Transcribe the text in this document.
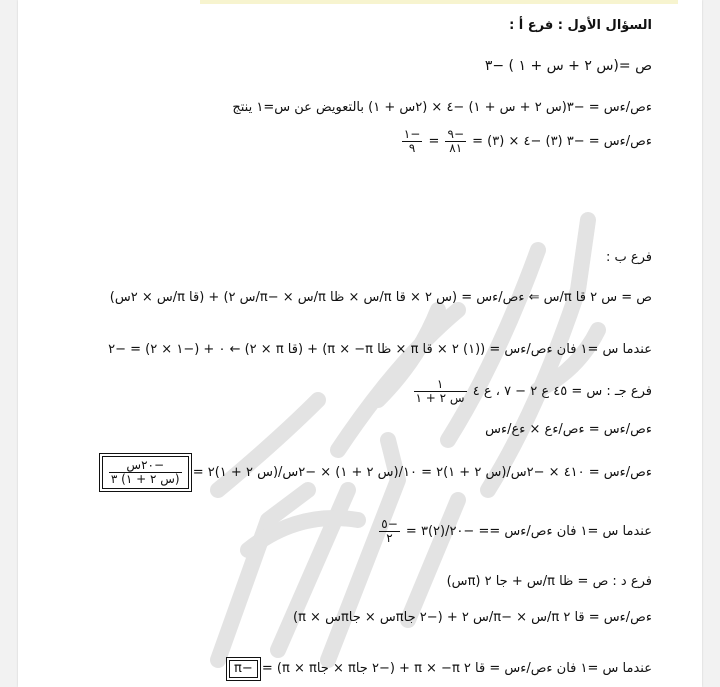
السؤال الأول : فرع أ :
ص =(س ٢ + س + ١ ) −٣
ءص/ءس = −٣(س ٢ + س + ١) −٤ × (٢س + ١) بالتعويض عن س=١ ينتج
ءص/ءس = −٣ (٣) −٤ × (٣) =
$\frac{-٩}{٨١}$
=
$\frac{-١}{٩}$
فرع ب :
ص = س ٢ قا π/س ⇐ ءص/ءس = (س ٢ × قا π/س × ظا π/س × −π/س ٢) + (قا π/س × ٢س)
عندما س =١ فان ءص/ءس = ((١) ٢ × قا π × ظا π × −π) + (قا π × ٢) ← ٠ + (−١ × ٢) = −٢
فرع جـ : س = ٤٥ ع ٢ − ٧ ، ع ٤
$\frac{١}{\text{س ٢ + ١}}$
ءص/ءس = ءص/ءع × ءع/ءس
ءص/ءس = ٤١٠ × −٢س/(س ٢ + ١)٢ = ١٠/(س ٢ + ١) × −٢س/(س ٢ + ١)٢ =
$\frac{\text{−٢٠س}}{\text{(س ٢ + ١) ٣}}$
عندما س =١ فان ءص/ءس == −٢٠/(٢)٣ =
$\frac{-٥}{٢}$
فرع د : ص = ظا π/س + جا ٢ (πس)
ءص/ءس = قا ٢ π/س × −π/س ٢ + (−٢ جاπس × جاπس × π)
عندما س =١ فان ءص/ءس = قا ٢ π × −π + (−٢ جاπ × جاπ × π) = −π
